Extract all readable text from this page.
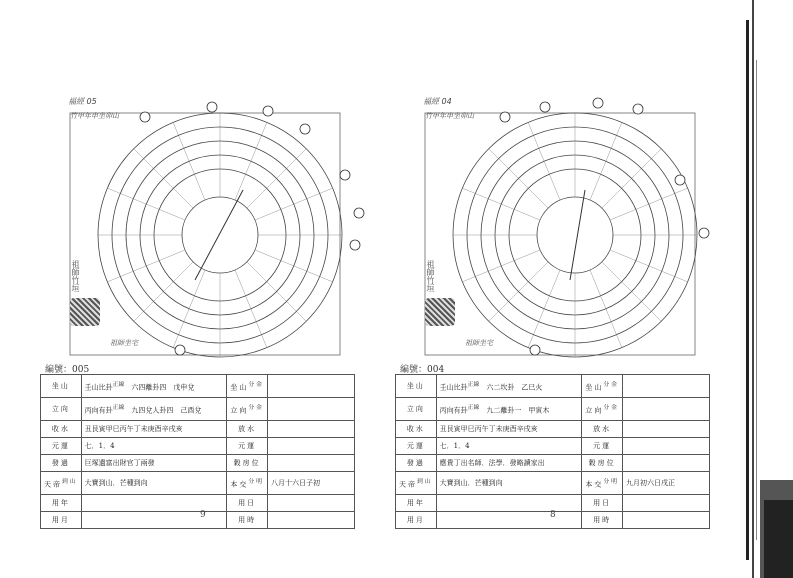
福經 05
竹甲年申坐卯山
祖師竹垣
祖師坐宅
編號：005
坐山	壬山比卦$^{正線}$　 六四離卦四　戊申兌	坐山$^{分金}$	
立向	丙向有卦$^{正線}$　 九四兌人卦四　己酉兌	立向$^{分金}$	
收水	丑艮寅甲巳丙午丁未庚酉辛戌亥	放水	
元運	七．1．4	元運	
發過	巨塚遺富出財官丁兩發	穀房位	
天帝$^{到山}$	大寶到山．芒種到向	本交$^{分明}$	八月十六日子初
用年		用日	
用月		用時	
9
福經 04
竹甲年申坐卯山
祖師竹垣
祖師坐宅
編號：004
坐山	壬山比卦$^{正線}$　 六二坎卦　乙巳火	坐山$^{分金}$	
立向	丙向有卦$^{正線}$　 九二離卦一　甲寅木	立向$^{分金}$	
收水	丑艮寅甲巳丙午丁未庚酉辛戌亥	放水	
元運	七．1．4	元運	
發過	應貴丁出名師．法學．發略讀家出	穀房位	
天帝$^{到山}$	大寶到山．芒種到向	本交$^{分明}$	九月初六日戌正
用年		用日	
用月		用時	
8
